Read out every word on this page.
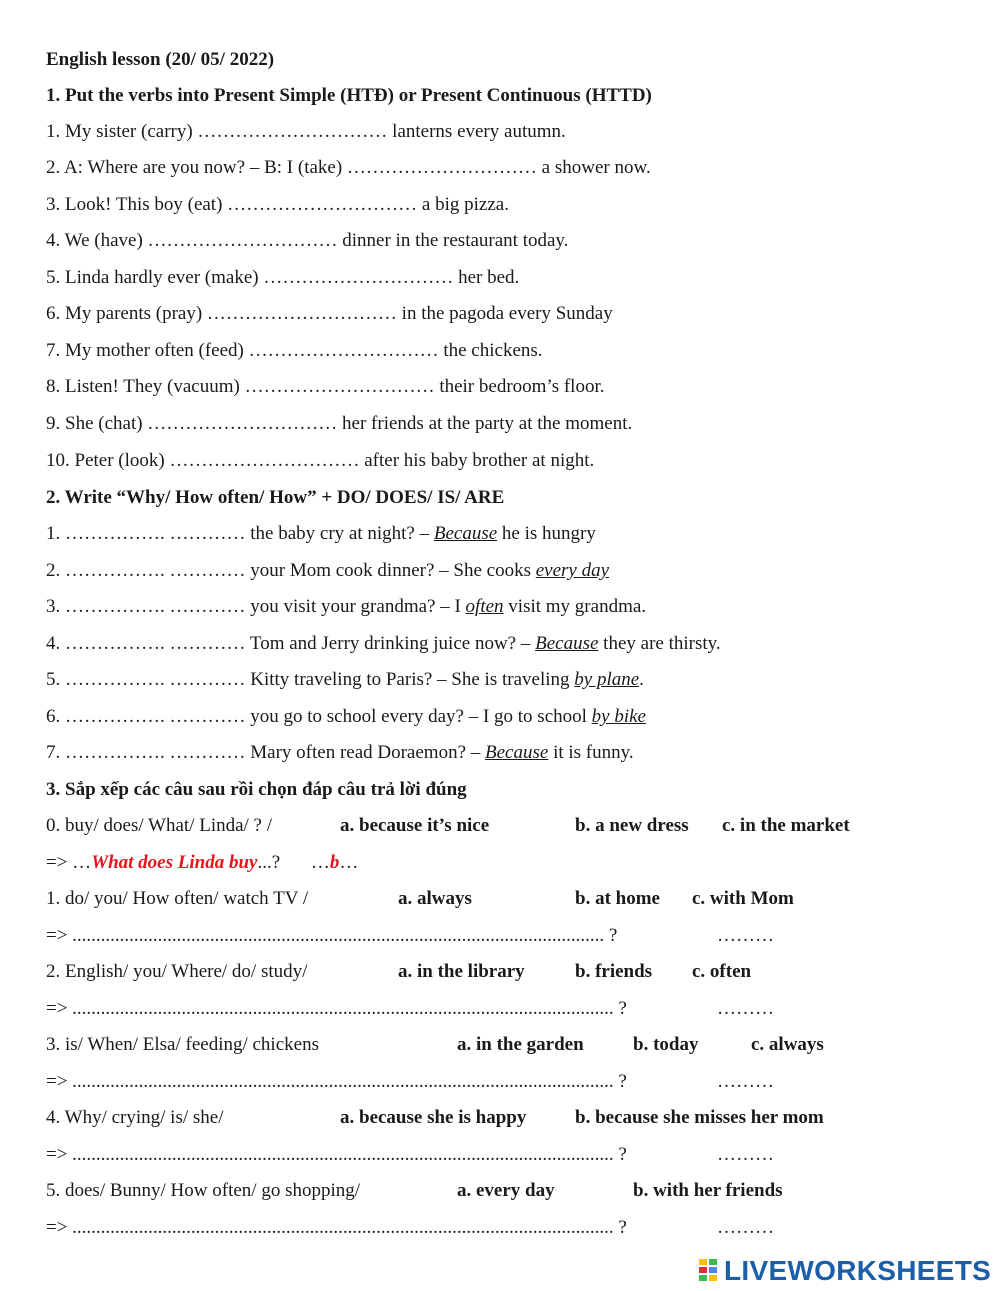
English lesson (20/ 05/ 2022)
1. Put the verbs into Present Simple (HTĐ) or Present Continuous (HTTD)
1. My sister (carry) ………………………… lanterns every autumn.
2. A: Where are you now? – B: I (take) ………………………… a shower now.
3. Look! This boy (eat) ………………………… a big pizza.
4. We (have) ………………………… dinner in the restaurant today.
5. Linda hardly ever (make) ………………………… her bed.
6. My parents (pray) ………………………… in the pagoda every Sunday
7. My mother often (feed) ………………………… the chickens.
8. Listen! They (vacuum) ………………………… their bedroom’s floor.
9. She (chat) ………………………… her friends at the party at the moment.
10. Peter (look) ………………………… after his baby brother at night.
2. Write “Why/ How often/ How” + DO/ DOES/ IS/ ARE
1. ……………. ………… the baby cry at night? – Because he is hungry
2. ……………. ………… your Mom cook dinner? – She cooks every day
3. ……………. ………… you visit your grandma? – I often visit my grandma.
4. ……………. ………… Tom and Jerry drinking juice now? – Because they are thirsty.
5. ……………. ………… Kitty traveling to Paris? – She is traveling by plane.
6. ……………. ………… you go to school every day? – I go to school by bike
7. ……………. ………… Mary often read Doraemon? – Because it is funny.
3. Sắp xếp các câu sau rồi chọn đáp câu trả lời đúng
0. buy/ does/ What/ Linda/ ? /	a. because it’s nice	b. a new dress c. in the market
=> …What does Linda buy...? …b…
1. do/ you/ How often/ watch TV /	a. always	b. at home c. with Mom
=> ................................................................................................................ ?	………
2. English/ you/ Where/ do/ study/	a. in the library	b. friends c. often
=> .................................................................................................................. ?	………
3. is/ When/ Elsa/ feeding/ chickens	a. in the garden	b. today	c. always
=> .................................................................................................................. ?	………
4. Why/ crying/ is/ she/	a. because she is happy	b. because she misses her mom
=> .................................................................................................................. ?	………
5. does/ Bunny/ How often/ go shopping/	a. every day	b. with her friends
=> .................................................................................................................. ?	………
LIVEWORKSHEETS
